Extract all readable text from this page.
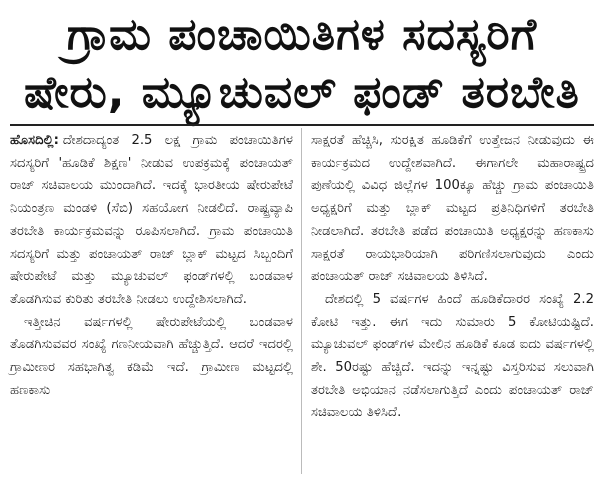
ಗ್ರಾಮ ಪಂಚಾಯಿತಿಗಳ ಸದಸ್ಯರಿಗೆ
ಷೇರು, ಮ್ಯೂಚುವಲ್ ಫಂಡ್ ತರಬೇತಿ

ಹೊಸದಿಲ್ಲಿ: ದೇಶದಾದ್ಯಂತ 2.5 ಲಕ್ಷ ಗ್ರಾಮ ಪಂಚಾಯಿತಿಗಳ ಸದಸ್ಯರಿಗೆ 'ಹೂಡಿಕೆ ಶಿಕ್ಷಣ' ನೀಡುವ ಉಪಕ್ರಮಕ್ಕೆ ಪಂಚಾಯತ್ ರಾಜ್ ಸಚಿವಾಲಯ ಮುಂದಾಗಿದೆ. ಇದಕ್ಕೆ ಭಾರತೀಯ ಷೇರುಪೇಟೆ ನಿಯಂತ್ರಣ ಮಂಡಳಿ (ಸೆಬಿ) ಸಹಯೋಗ ನೀಡಲಿದೆ. ರಾಷ್ಟ್ರವ್ಯಾಪಿ ತರಬೇತಿ ಕಾರ್ಯಕ್ರಮವನ್ನು ರೂಪಿಸಲಾಗಿದೆ. ಗ್ರಾಮ ಪಂಚಾಯಿತಿ ಸದಸ್ಯರಿಗೆ ಮತ್ತು ಪಂಚಾಯತ್ ರಾಜ್ ಬ್ಲಾಕ್ ಮಟ್ಟದ ಸಿಬ್ಬಂದಿಗೆ ಷೇರುಪೇಟೆ ಮತ್ತು ಮ್ಯೂಚುವಲ್ ಫಂಡ್‌ಗಳಲ್ಲಿ ಬಂಡವಾಳ ತೊಡಗಿಸುವ ಕುರಿತು ತರಬೇತಿ ನೀಡಲು ಉದ್ದೇಶಿಸಲಾಗಿದೆ.

ಇತ್ತೀಚಿನ ವರ್ಷಗಳಲ್ಲಿ ಷೇರುಪೇಟೆಯಲ್ಲಿ ಬಂಡವಾಳ ತೊಡಗಿಸುವವರ ಸಂಖ್ಯೆ ಗಣನೀಯವಾಗಿ ಹೆಚ್ಚುತ್ತಿದೆ. ಆದರೆ ಇದರಲ್ಲಿ ಗ್ರಾಮೀಣರ ಸಹಭಾಗಿತ್ವ ಕಡಿಮೆ ಇದೆ. ಗ್ರಾಮೀಣ ಮಟ್ಟದಲ್ಲಿ ಹಣಕಾಸು

ಸಾಕ್ಷರತೆ ಹೆಚ್ಚಿಸಿ, ಸುರಕ್ಷಿತ ಹೂಡಿಕೆಗೆ ಉತ್ತೇಜನ ನೀಡುವುದು ಈ ಕಾರ್ಯಕ್ರಮದ ಉದ್ದೇಶವಾಗಿದೆ. ಈಗಾಗಲೇ ಮಹಾರಾಷ್ಟ್ರದ ಪುಣೆಯಲ್ಲಿ ವಿವಿಧ ಜಿಲ್ಲೆಗಳ 100ಕ್ಕೂ ಹೆಚ್ಚು ಗ್ರಾಮ ಪಂಚಾಯಿತಿ ಅಧ್ಯಕ್ಷರಿಗೆ ಮತ್ತು ಬ್ಲಾಕ್ ಮಟ್ಟದ ಪ್ರತಿನಿಧಿಗಳಿಗೆ ತರಬೇತಿ ನೀಡಲಾಗಿದೆ. ತರಬೇತಿ ಪಡೆದ ಪಂಚಾಯಿತಿ ಅಧ್ಯಕ್ಷರನ್ನು ಹಣಕಾಸು ಸಾಕ್ಷರತೆ ರಾಯಭಾರಿಯಾಗಿ ಪರಿಗಣಿಸಲಾಗುವುದು ಎಂದು ಪಂಚಾಯತ್ ರಾಜ್ ಸಚಿವಾಲಯ ತಿಳಿಸಿದೆ.

ದೇಶದಲ್ಲಿ 5 ವರ್ಷಗಳ ಹಿಂದೆ ಹೂಡಿಕೆದಾರರ ಸಂಖ್ಯೆ 2.2 ಕೋಟಿ ಇತ್ತು. ಈಗ ಇದು ಸುಮಾರು 5 ಕೋಟಿಯಷ್ಟಿದೆ. ಮ್ಯೂಚುವಲ್ ಫಂಡ್‌ಗಳ ಮೇಲಿನ ಹೂಡಿಕೆ ಕೂಡ ಐದು ವರ್ಷಗಳಲ್ಲಿ ಶೇ. 50ರಷ್ಟು ಹೆಚ್ಚಿದೆ. ಇದನ್ನು ಇನ್ನಷ್ಟು ವಿಸ್ತರಿಸುವ ಸಲುವಾಗಿ ತರಬೇತಿ ಅಭಿಯಾನ ನಡೆಸಲಾಗುತ್ತಿದೆ ಎಂದು ಪಂಚಾಯತ್ ರಾಜ್ ಸಚಿವಾಲಯ ತಿಳಿಸಿದೆ.
